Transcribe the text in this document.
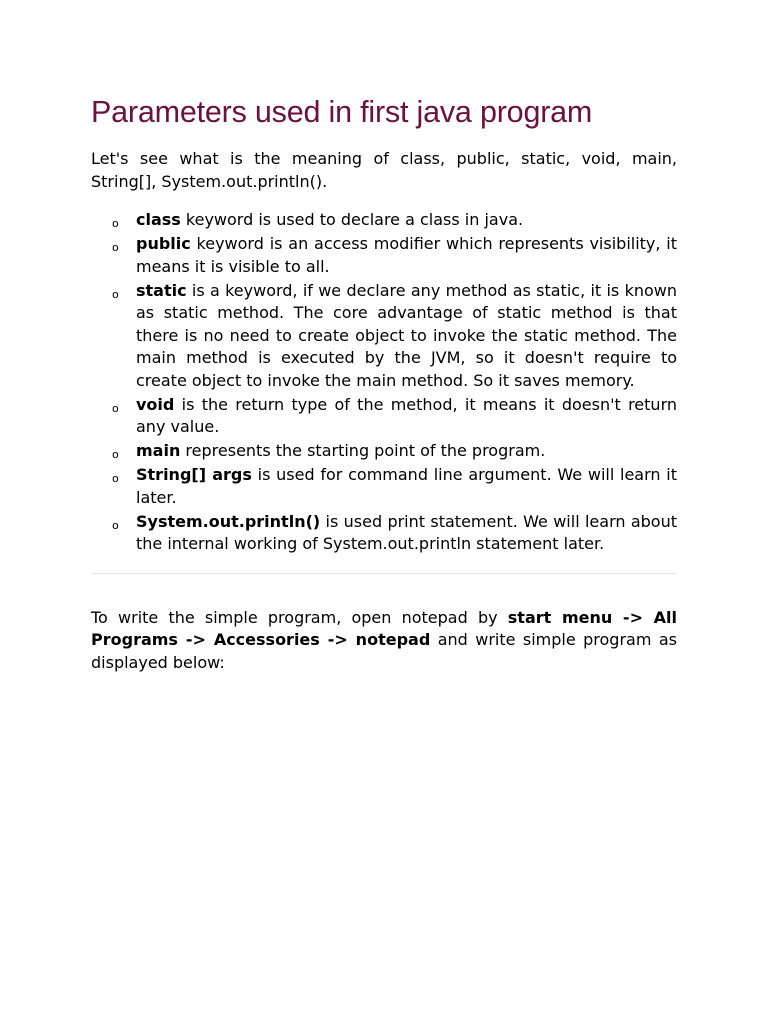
Parameters used in first java program

Let's see what is the meaning of class, public, static, void, main, String[], System.out.println().

o class keyword is used to declare a class in java.
o public keyword is an access modifier which represents visibility, it means it is visible to all.
o static is a keyword, if we declare any method as static, it is known as static method. The core advantage of static method is that there is no need to create object to invoke the static method. The main method is executed by the JVM, so it doesn't require to create object to invoke the main method. So it saves memory.
o void is the return type of the method, it means it doesn't return any value.
o main represents the starting point of the program.
o String[] args is used for command line argument. We will learn it later.
o System.out.println() is used print statement. We will learn about the internal working of System.out.println statement later.

To write the simple program, open notepad by start menu -> All Programs -> Accessories -> notepad and write simple program as displayed below:
